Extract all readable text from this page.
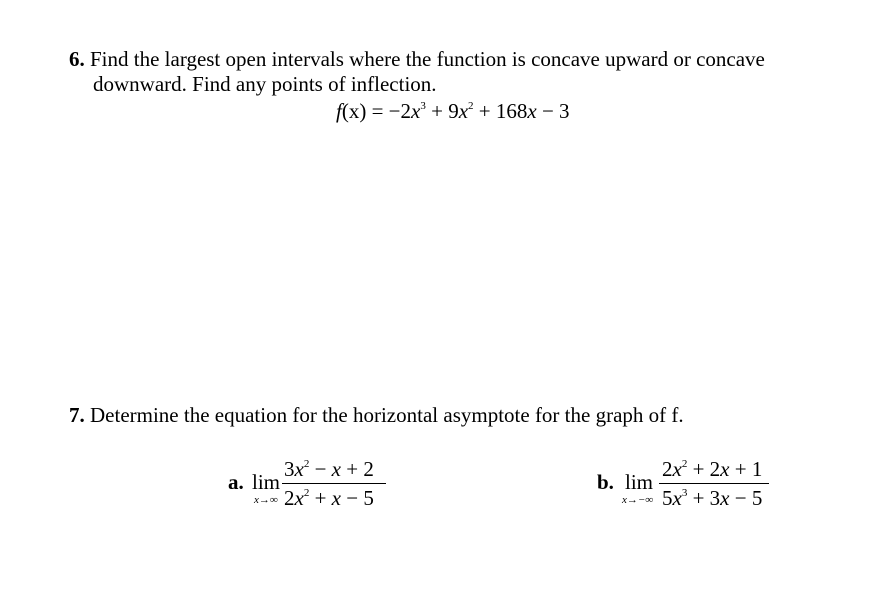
6. Find the largest open intervals where the function is concave upward or concave
downward. Find any points of inflection.
$f(x) = -2x^3 + 9x^2 + 168x - 3$
7. Determine the equation for the horizontal asymptote for the graph of f.
a. lim
x→∞
$3x^2 - x + 2$
$2x^2 + x - 5$
b. lim
x→−∞
$2x^2 + 2x + 1$
$5x^3 + 3x - 5$
